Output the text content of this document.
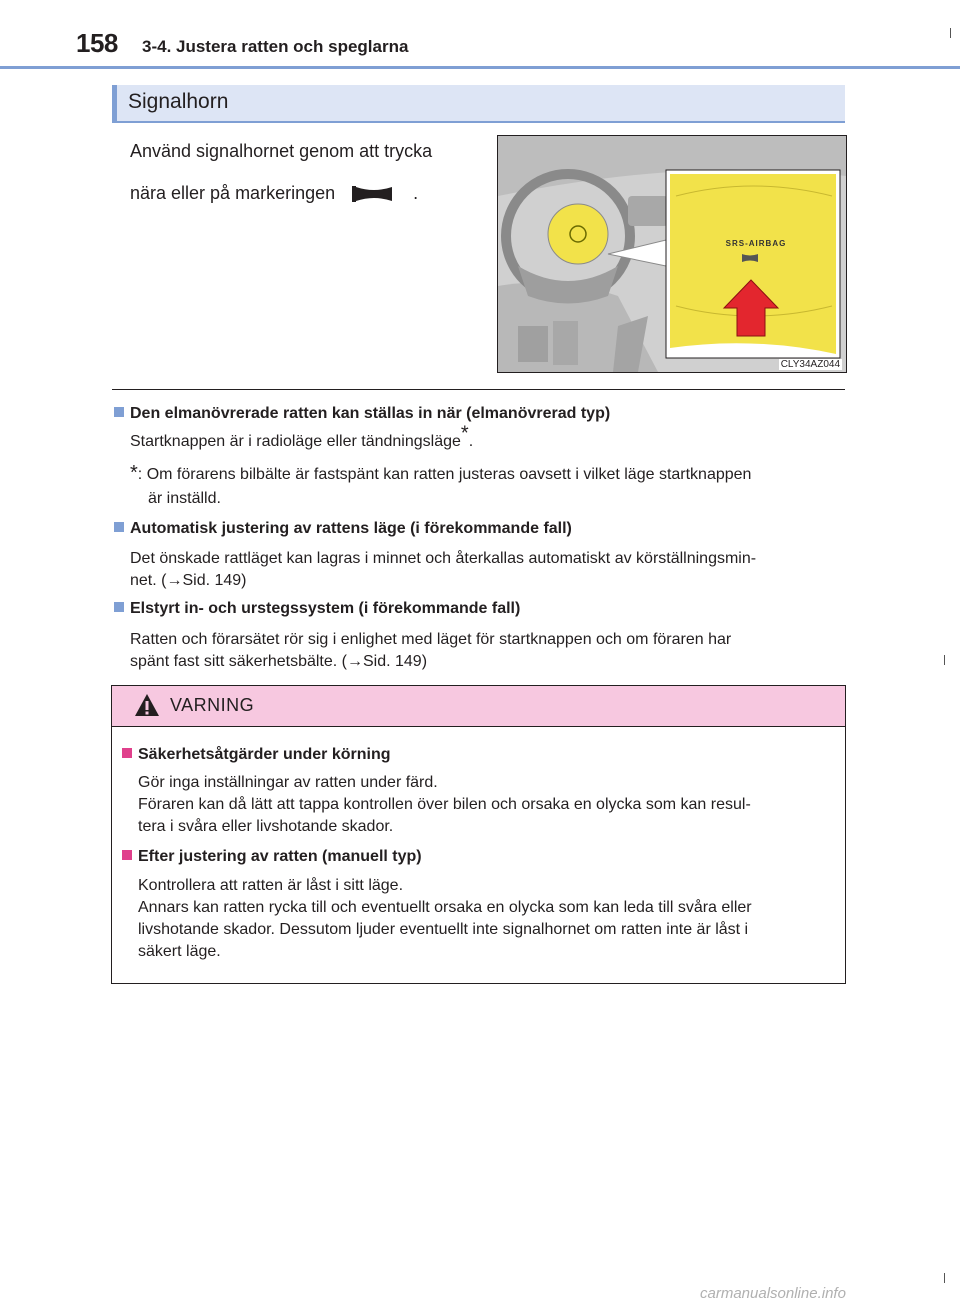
158 3-4. Justera ratten och speglarna
Signalhorn
Använd signalhornet genom att trycka
nära eller på markeringen	.
SRS-AIRBAG
CLY34AZ044
Den elmanövrerade ratten kan ställas in när (elmanövrerad typ)
Startknappen är i radioläge eller tändningsläge*.
*: Om förarens bilbälte är fastspänt kan ratten justeras oavsett i vilket läge startknappen
är inställd.
Automatisk justering av rattens läge (i förekommande fall)
Det önskade rattläget kan lagras i minnet och återkallas automatiskt av körställningsmin-
net. (→Sid. 149)
Elstyrt in- och urstegssystem (i förekommande fall)
Ratten och förarsätet rör sig i enlighet med läget för startknappen och om föraren har
spänt fast sitt säkerhetsbälte. (→Sid. 149)
VARNING
Säkerhetsåtgärder under körning
Gör inga inställningar av ratten under färd.
Föraren kan då lätt att tappa kontrollen över bilen och orsaka en olycka som kan resul-
tera i svåra eller livshotande skador.
Efter justering av ratten (manuell typ)
Kontrollera att ratten är låst i sitt läge.
Annars kan ratten rycka till och eventuellt orsaka en olycka som kan leda till svåra eller
livshotande skador. Dessutom ljuder eventuellt inte signalhornet om ratten inte är låst i
säkert läge.
carmanualsonline.info
